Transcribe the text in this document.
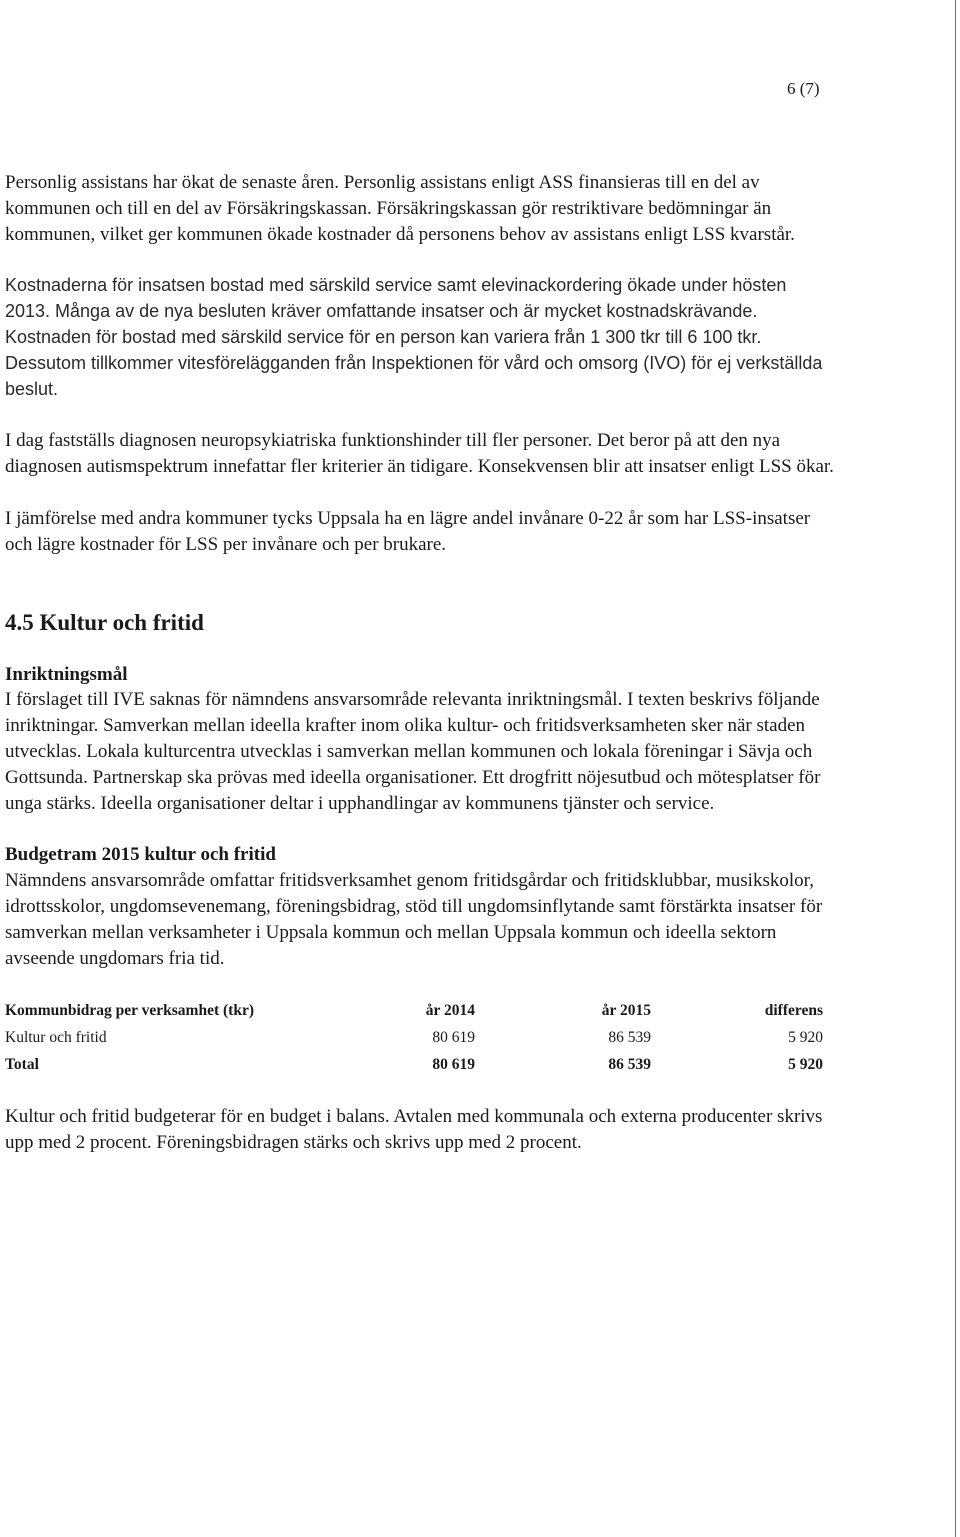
6 (7)

Personlig assistans har ökat de senaste åren. Personlig assistans enligt ASS finansieras till en del av kommunen och till en del av Försäkringskassan. Försäkringskassan gör restriktivare bedömningar än kommunen, vilket ger kommunen ökade kostnader då personens behov av assistans enligt LSS kvarstår.

Kostnaderna för insatsen bostad med särskild service samt elevinackordering ökade under hösten 2013. Många av de nya besluten kräver omfattande insatser och är mycket kostnadskrävande. Kostnaden för bostad med särskild service för en person kan variera från 1 300 tkr till 6 100 tkr. Dessutom tillkommer vitesförelägganden från Inspektionen för vård och omsorg (IVO) för ej verkställda beslut.

I dag fastställs diagnosen neuropsykiatriska funktionshinder till fler personer. Det beror på att den nya diagnosen autismspektrum innefattar fler kriterier än tidigare. Konsekvensen blir att insatser enligt LSS ökar.

I jämförelse med andra kommuner tycks Uppsala ha en lägre andel invånare 0-22 år som har LSS-insatser och lägre kostnader för LSS per invånare och per brukare.

4.5 Kultur och fritid
Inriktningsmål

I förslaget till IVE saknas för nämndens ansvarsområde relevanta inriktningsmål. I texten beskrivs följande inriktningar. Samverkan mellan ideella krafter inom olika kultur- och fritidsverksamheten sker när staden utvecklas. Lokala kulturcentra utvecklas i samverkan mellan kommunen och lokala föreningar i Sävja och Gottsunda. Partnerskap ska prövas med ideella organisationer. Ett drogfritt nöjesutbud och mötesplatser för unga stärks. Ideella organisationer deltar i upphandlingar av kommunens tjänster och service.

Budgetram 2015 kultur och fritid

Nämndens ansvarsområde omfattar fritidsverksamhet genom fritidsgårdar och fritidsklubbar, musikskolor, idrottsskolor, ungdomsevenemang, föreningsbidrag, stöd till ungdomsinflytande samt förstärkta insatser för samverkan mellan verksamheter i Uppsala kommun och mellan Uppsala kommun och ideella sektorn avseende ungdomars fria tid.

Kommunbidrag per verksamhet (tkr)	år 2014	år 2015	differens
Kultur och fritid	80 619	86 539	5 920
Total	80 619	86 539	5 920

Kultur och fritid budgeterar för en budget i balans. Avtalen med kommunala och externa producenter skrivs upp med 2 procent. Föreningsbidragen stärks och skrivs upp med 2 procent.
